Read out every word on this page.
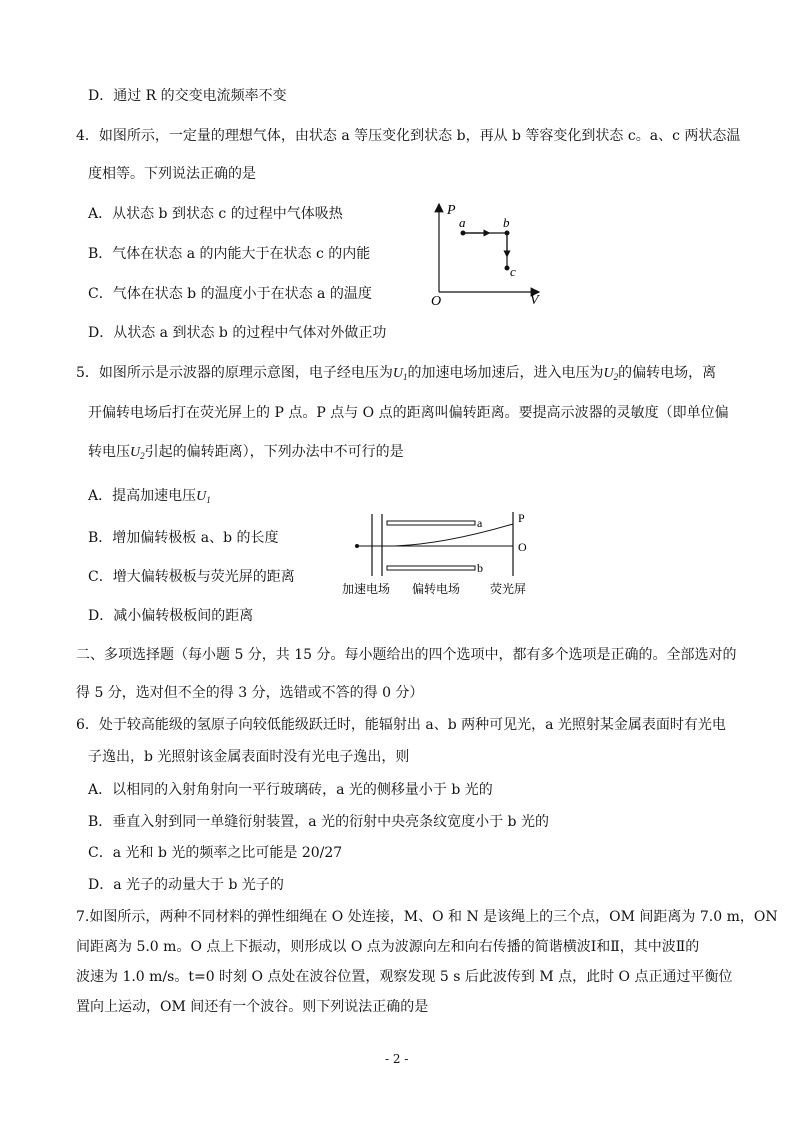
D．通过 R 的交变电流频率不变
4．如图所示，一定量的理想气体，由状态 a 等压变化到状态 b，再从 b 等容变化到状态 c。a、c 两状态温
度相等。下列说法正确的是
A．从状态 b 到状态 c 的过程中气体吸热
B．气体在状态 a 的内能大于在状态 c 的内能
C．气体在状态 b 的温度小于在状态 a 的温度
D．从状态 a 到状态 b 的过程中气体对外做正功
P
V
O
a	b
c
5．如图所示是示波器的原理示意图，电子经电压为$U_1$的加速电场加速后，进入电压为$U_2$的偏转电场，离
开偏转电场后打在荧光屏上的 P 点。P 点与 O 点的距离叫偏转距离。要提高示波器的灵敏度（即单位偏
转电压$U_2$引起的偏转距离），下列办法中不可行的是
A．提高加速电压$U_1$
B．增加偏转极板 a、b 的长度
C．增大偏转极板与荧光屏的距离
D．减小偏转极板间的距离
a
b
P
O
加速电场 偏转电场 荧光屏
二、多项选择题（每小题 5 分，共 15 分。每小题给出的四个选项中，都有多个选项是正确的。全部选对的
得 5 分，选对但不全的得 3 分，选错或不答的得 0 分）
6．处于较高能级的氢原子向较低能级跃迁时，能辐射出 a、b 两种可见光，a 光照射某金属表面时有光电
子逸出，b 光照射该金属表面时没有光电子逸出，则
A．以相同的入射角射向一平行玻璃砖，a 光的侧移量小于 b 光的
B．垂直入射到同一单缝衍射装置，a 光的衍射中央亮条纹宽度小于 b 光的
C．a 光和 b 光的频率之比可能是 20/27
D．a 光子的动量大于 b 光子的
7.如图所示，两种不同材料的弹性细绳在 O 处连接，M、O 和 N 是该绳上的三个点，OM 间距离为 7.0 m，ON
间距离为 5.0 m。O 点上下振动，则形成以 O 点为波源向左和向右传播的简谐横波Ⅰ和Ⅱ，其中波Ⅱ的
波速为 1.0 m/s。t=0 时刻 O 点处在波谷位置，观察发现 5 s 后此波传到 M 点，此时 O 点正通过平衡位
置向上运动，OM 间还有一个波谷。则下列说法正确的是
- 2 -
